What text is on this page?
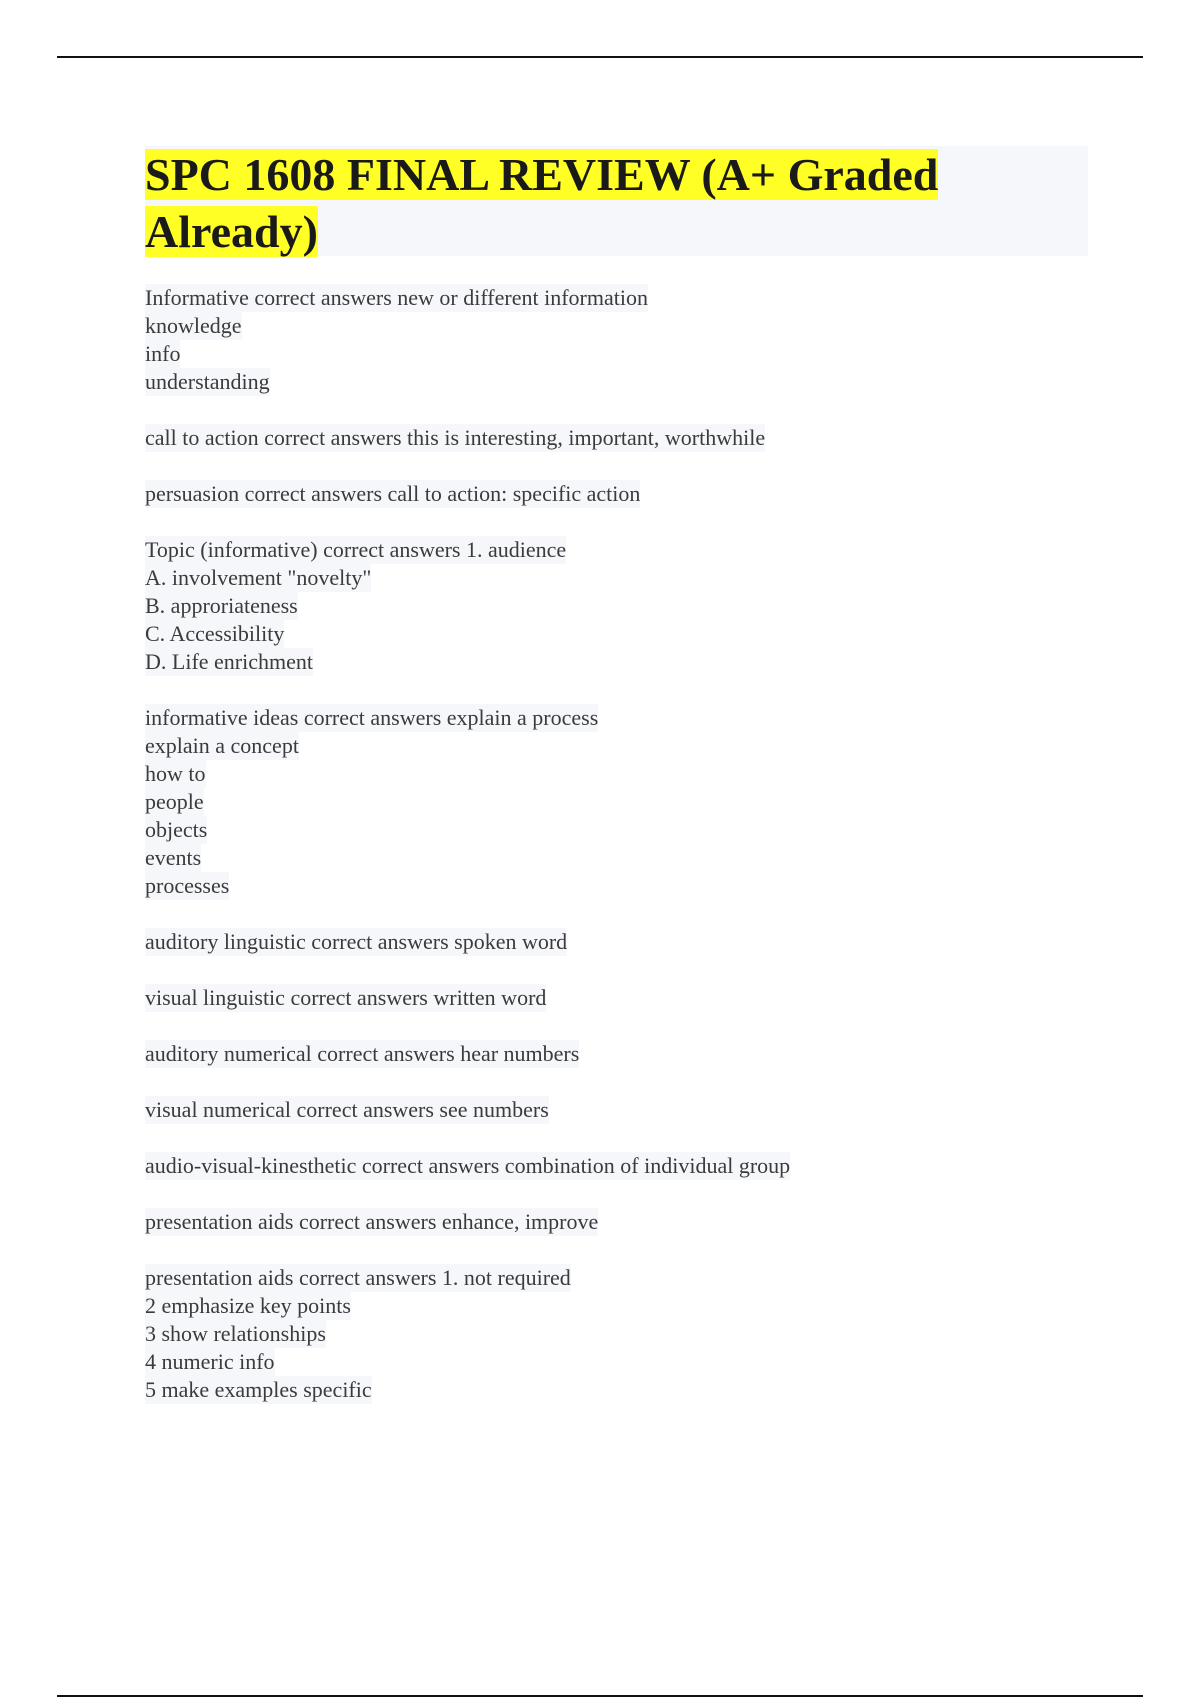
SPC 1608 FINAL REVIEW (A+ Graded Already)
Informative correct answers new or different information
knowledge
info
understanding
call to action correct answers this is interesting, important, worthwhile
persuasion correct answers call to action: specific action
Topic (informative) correct answers 1. audience
A. involvement "novelty"
B. approriateness
C. Accessibility
D. Life enrichment
informative ideas correct answers explain a process
explain a concept
how to
people
objects
events
processes
auditory linguistic correct answers spoken word
visual linguistic correct answers written word
auditory numerical correct answers hear numbers
visual numerical correct answers see numbers
audio-visual-kinesthetic correct answers combination of individual group
presentation aids correct answers enhance, improve
presentation aids correct answers 1. not required
2 emphasize key points
3 show relationships
4 numeric info
5 make examples specific
